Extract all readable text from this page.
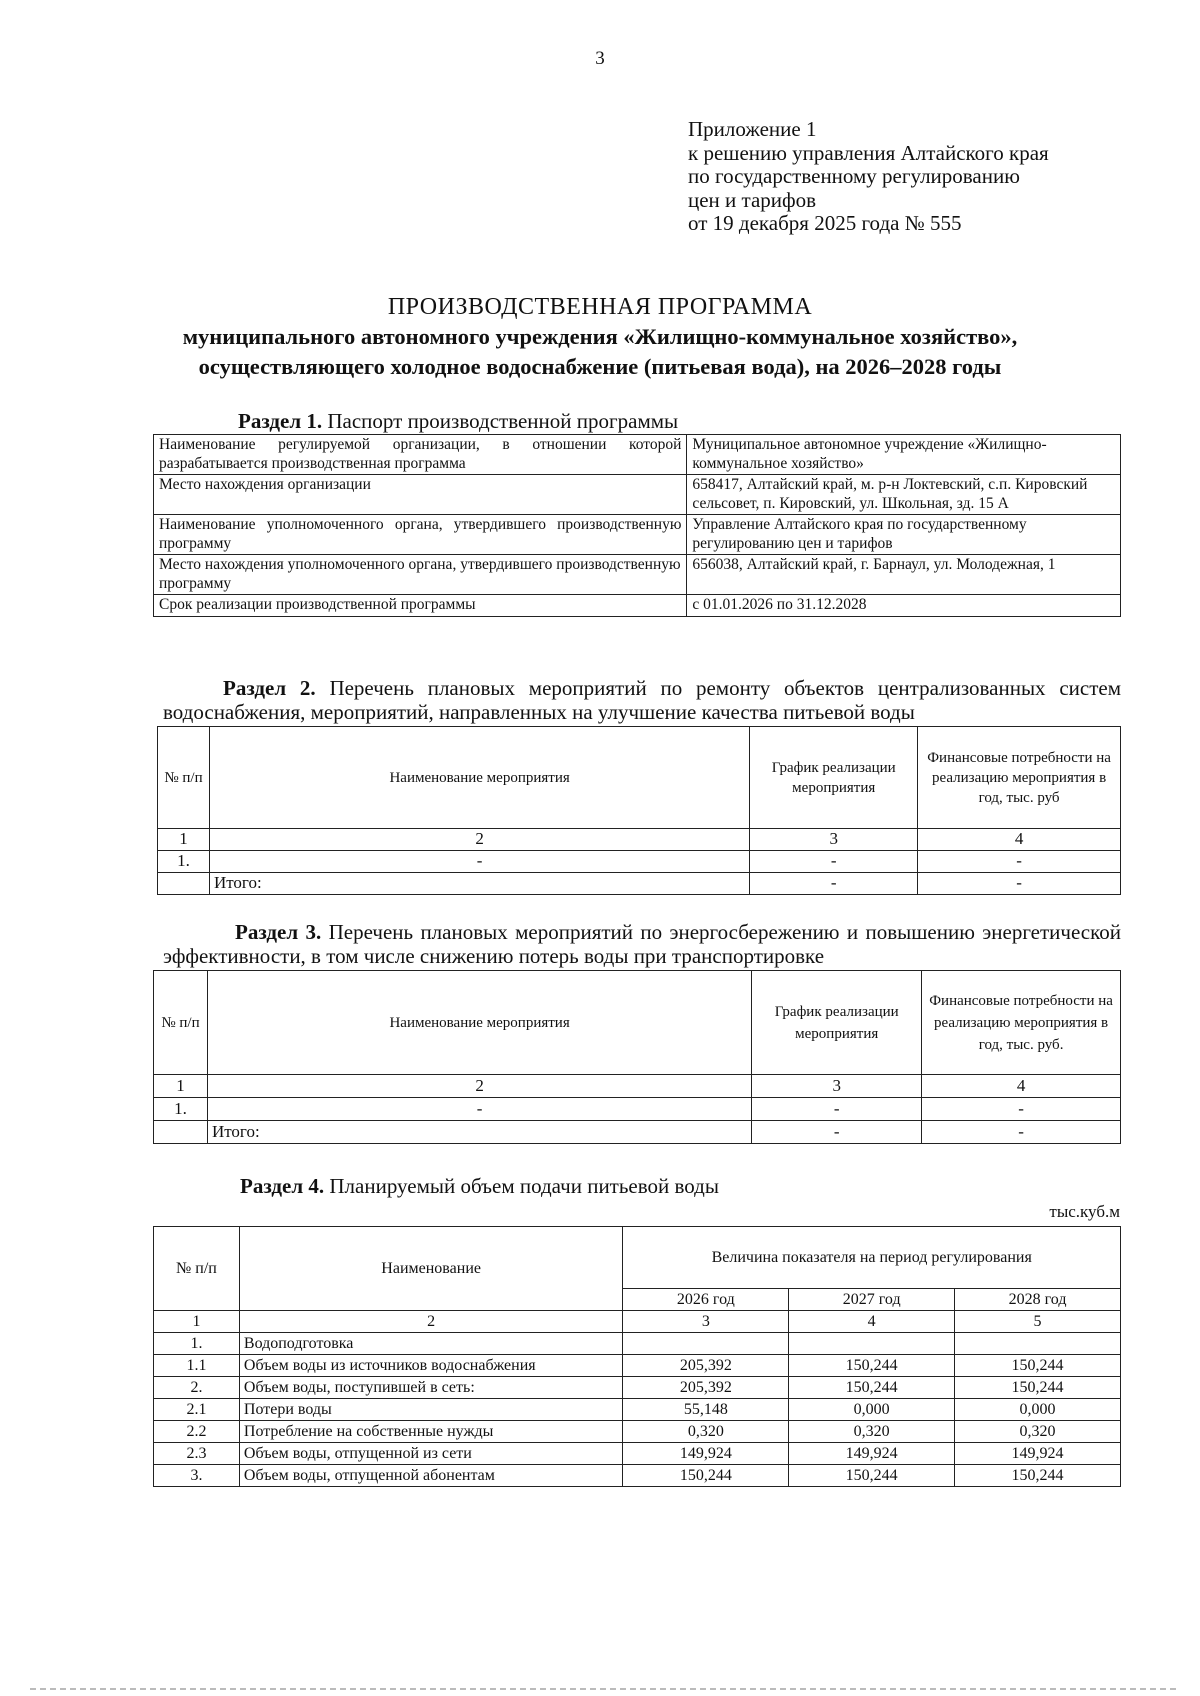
3
Приложение 1
к решению управления Алтайского края
по государственному регулированию
цен и тарифов
от 19 декабря 2025 года № 555
ПРОИЗВОДСТВЕННАЯ ПРОГРАММА
муниципального автономного учреждения «Жилищно-коммунальное хозяйство»,
осуществляющего холодное водоснабжение (питьевая вода), на 2026–2028 годы
Раздел 1. Паспорт производственной программы
Наименование регулируемой организации, в отношении которой разрабатывается производственная программа	Муниципальное автономное учреждение «Жилищно-коммунальное хозяйство»
Место нахождения организации	658417, Алтайский край, м. р-н Локтевский, с.п. Кировский сельсовет, п. Кировский, ул. Школьная, зд. 15 А
Наименование уполномоченного органа, утвердившего производственную программу	Управление Алтайского края по государственному регулированию цен и тарифов
Место нахождения уполномоченного органа, утвердившего производственную программу	656038, Алтайский край, г. Барнаул, ул. Молодежная, 1
Срок реализации производственной программы	с 01.01.2026 по 31.12.2028
Раздел 2. Перечень плановых мероприятий по ремонту объектов централизованных систем водоснабжения, мероприятий, направленных на улучшение качества питьевой воды
№ п/п	Наименование мероприятия	График реализации мероприятия	Финансовые потребности на реализацию мероприятия в год, тыс. руб
1	2	3	4
1.	-	-	-
	Итого:	-	-
Раздел 3. Перечень плановых мероприятий по энергосбережению и повышению энергетической эффективности, в том числе снижению потерь воды при транспортировке
№ п/п	Наименование мероприятия	График реализации мероприятия	Финансовые потребности на реализацию мероприятия в год, тыс. руб.
1	2	3	4
1.	-	-	-
	Итого:	-	-
Раздел 4. Планируемый объем подачи питьевой воды
тыс.куб.м
№ п/п	Наименование	Величина показателя на период регулирования		
		2026 год	2027 год	2028 год
1	2	3	4	5
1.	Водоподготовка			
1.1	Объем воды из источников водоснабжения	205,392	150,244	150,244
2.	Объем воды, поступившей в сеть:	205,392	150,244	150,244
2.1	Потери воды	55,148	0,000	0,000
2.2	Потребление на собственные нужды	0,320	0,320	0,320
2.3	Объем воды, отпущенной из сети	149,924	149,924	149,924
3.	Объем воды, отпущенной абонентам	150,244	150,244	150,244
